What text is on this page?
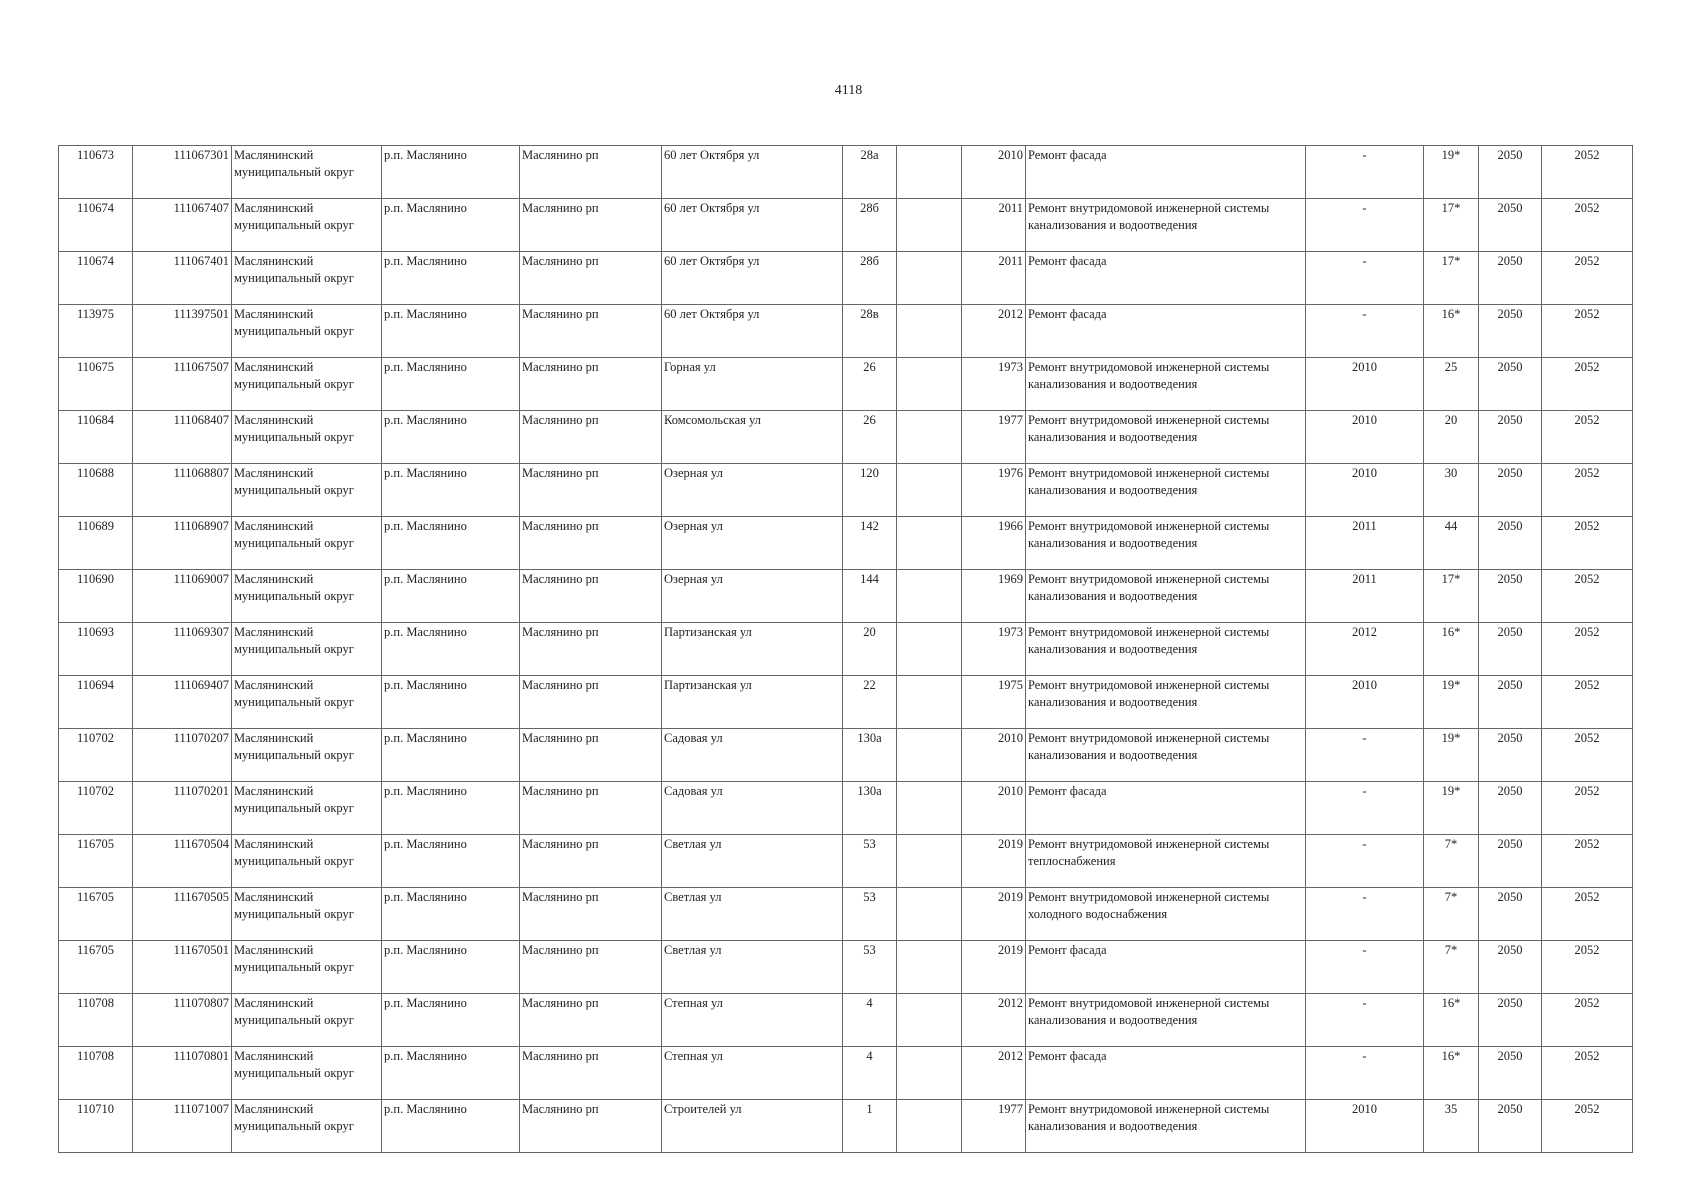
4118
110673	111067301	Маслянинский муниципальный округ	р.п. Маслянино	Маслянино рп	60 лет Октября ул	28а		2010	Ремонт фасада	-	19*	2050	2052
110674	111067407	Маслянинский муниципальный округ	р.п. Маслянино	Маслянино рп	60 лет Октября ул	28б		2011	Ремонт внутридомовой инженерной системы канализования и водоотведения	-	17*	2050	2052
110674	111067401	Маслянинский муниципальный округ	р.п. Маслянино	Маслянино рп	60 лет Октября ул	28б		2011	Ремонт фасада	-	17*	2050	2052
113975	111397501	Маслянинский муниципальный округ	р.п. Маслянино	Маслянино рп	60 лет Октября ул	28в		2012	Ремонт фасада	-	16*	2050	2052
110675	111067507	Маслянинский муниципальный округ	р.п. Маслянино	Маслянино рп	Горная ул	26		1973	Ремонт внутридомовой инженерной системы канализования и водоотведения	2010	25	2050	2052
110684	111068407	Маслянинский муниципальный округ	р.п. Маслянино	Маслянино рп	Комсомольская ул	26		1977	Ремонт внутридомовой инженерной системы канализования и водоотведения	2010	20	2050	2052
110688	111068807	Маслянинский муниципальный округ	р.п. Маслянино	Маслянино рп	Озерная ул	120		1976	Ремонт внутридомовой инженерной системы канализования и водоотведения	2010	30	2050	2052
110689	111068907	Маслянинский муниципальный округ	р.п. Маслянино	Маслянино рп	Озерная ул	142		1966	Ремонт внутридомовой инженерной системы канализования и водоотведения	2011	44	2050	2052
110690	111069007	Маслянинский муниципальный округ	р.п. Маслянино	Маслянино рп	Озерная ул	144		1969	Ремонт внутридомовой инженерной системы канализования и водоотведения	2011	17*	2050	2052
110693	111069307	Маслянинский муниципальный округ	р.п. Маслянино	Маслянино рп	Партизанская ул	20		1973	Ремонт внутридомовой инженерной системы канализования и водоотведения	2012	16*	2050	2052
110694	111069407	Маслянинский муниципальный округ	р.п. Маслянино	Маслянино рп	Партизанская ул	22		1975	Ремонт внутридомовой инженерной системы канализования и водоотведения	2010	19*	2050	2052
110702	111070207	Маслянинский муниципальный округ	р.п. Маслянино	Маслянино рп	Садовая ул	130а		2010	Ремонт внутридомовой инженерной системы канализования и водоотведения	-	19*	2050	2052
110702	111070201	Маслянинский муниципальный округ	р.п. Маслянино	Маслянино рп	Садовая ул	130а		2010	Ремонт фасада	-	19*	2050	2052
116705	111670504	Маслянинский муниципальный округ	р.п. Маслянино	Маслянино рп	Светлая ул	53		2019	Ремонт внутридомовой инженерной системы теплоснабжения	-	7*	2050	2052
116705	111670505	Маслянинский муниципальный округ	р.п. Маслянино	Маслянино рп	Светлая ул	53		2019	Ремонт внутридомовой инженерной системы холодного водоснабжения	-	7*	2050	2052
116705	111670501	Маслянинский муниципальный округ	р.п. Маслянино	Маслянино рп	Светлая ул	53		2019	Ремонт фасада	-	7*	2050	2052
110708	111070807	Маслянинский муниципальный округ	р.п. Маслянино	Маслянино рп	Степная ул	4		2012	Ремонт внутридомовой инженерной системы канализования и водоотведения	-	16*	2050	2052
110708	111070801	Маслянинский муниципальный округ	р.п. Маслянино	Маслянино рп	Степная ул	4		2012	Ремонт фасада	-	16*	2050	2052
110710	111071007	Маслянинский муниципальный округ	р.п. Маслянино	Маслянино рп	Строителей ул	1		1977	Ремонт внутридомовой инженерной системы канализования и водоотведения	2010	35	2050	2052
